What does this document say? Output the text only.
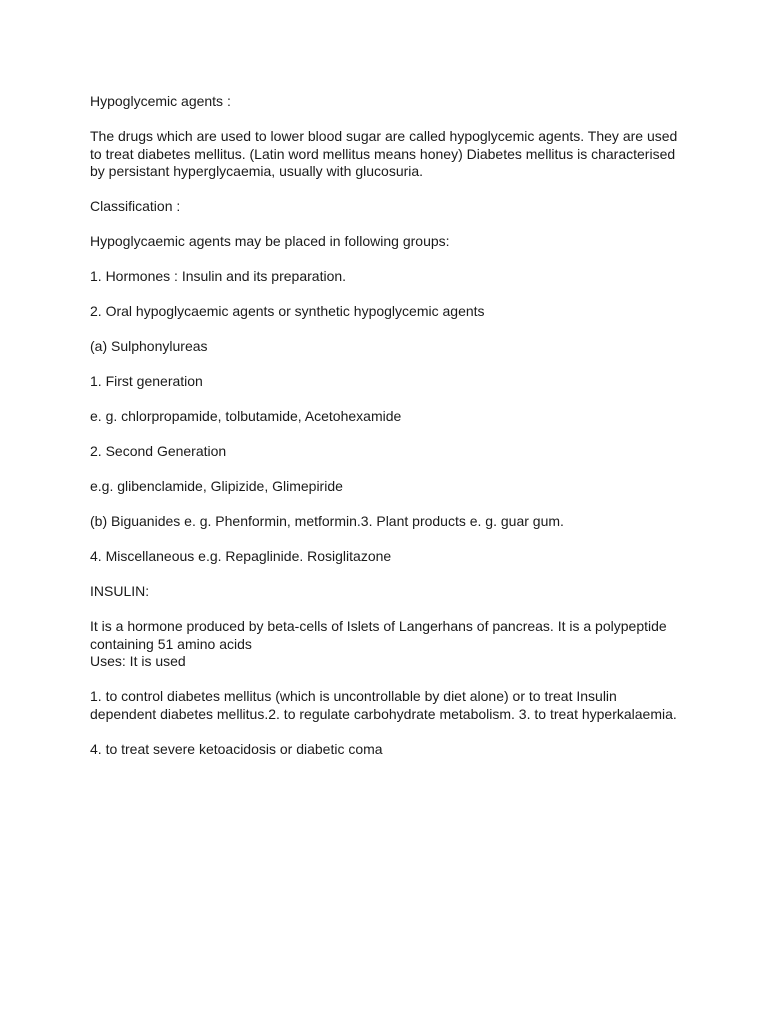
Hypoglycemic agents :

The drugs which are used to lower blood sugar are called hypoglycemic agents. They are used

to treat diabetes mellitus. (Latin word mellitus means honey) Diabetes mellitus is characterised

by persistant hyperglycaemia, usually with glucosuria.

Classification :

Hypoglycaemic agents may be placed in following groups:

1. Hormones : Insulin and its preparation.

2. Oral hypoglycaemic agents or synthetic hypoglycemic agents

(a) Sulphonylureas

1. First generation

e. g. chlorpropamide, tolbutamide, Acetohexamide

2. Second Generation

e.g. glibenclamide, Glipizide, Glimepiride

(b) Biguanides e. g. Phenformin, metformin.3. Plant products e. g. guar gum.

4. Miscellaneous e.g. Repaglinide. Rosiglitazone

INSULIN:

It is a hormone produced by beta-cells of Islets of Langerhans of pancreas. It is a polypeptide

containing 51 amino acids

Uses: It is used

1. to control diabetes mellitus (which is uncontrollable by diet alone) or to treat Insulin

dependent diabetes mellitus.2. to regulate carbohydrate metabolism. 3. to treat hyperkalaemia.

4. to treat severe ketoacidosis or diabetic coma
